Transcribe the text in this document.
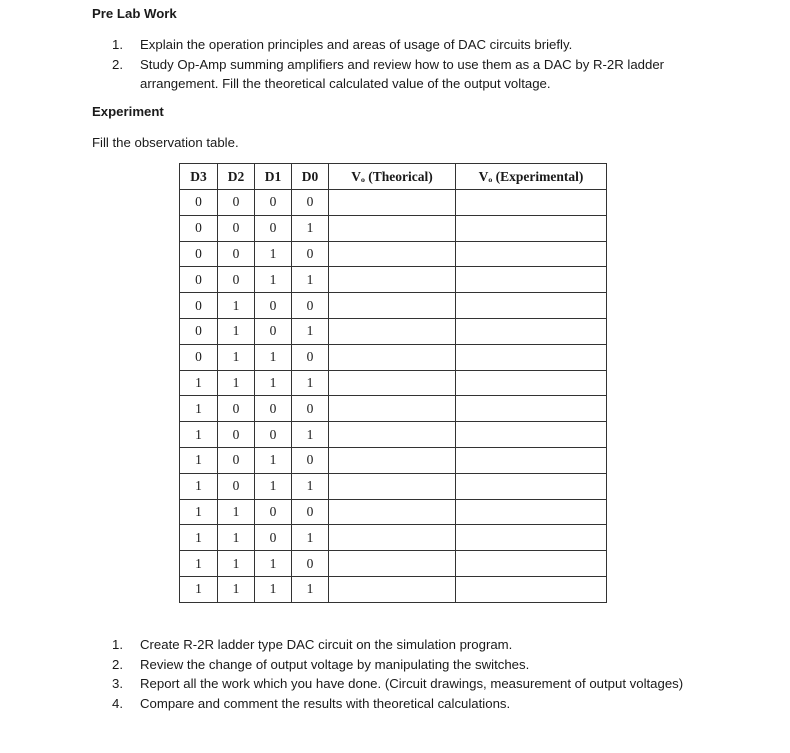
Pre Lab Work
1. Explain the operation principles and areas of usage of DAC circuits briefly.
2. Study Op-Amp summing amplifiers and review how to use them as a DAC by R-2R ladder arrangement. Fill the theoretical calculated value of the output voltage.
Experiment

Fill the observation table.

D3	D2	D1	D0	Vₒ (Theorical)	Vₒ (Experimental)
0	0	0	0		
0	0	0	1		
0	0	1	0		
0	0	1	1		
0	1	0	0		
0	1	0	1		
0	1	1	0		
1	1	1	1		
1	0	0	0		
1	0	0	1		
1	0	1	0		
1	0	1	1		
1	1	0	0		
1	1	0	1		
1	1	1	0		
1	1	1	1		
1. Create R-2R ladder type DAC circuit on the simulation program.
2. Review the change of output voltage by manipulating the switches.
3. Report all the work which you have done. (Circuit drawings, measurement of output voltages)
4. Compare and comment the results with theoretical calculations.
